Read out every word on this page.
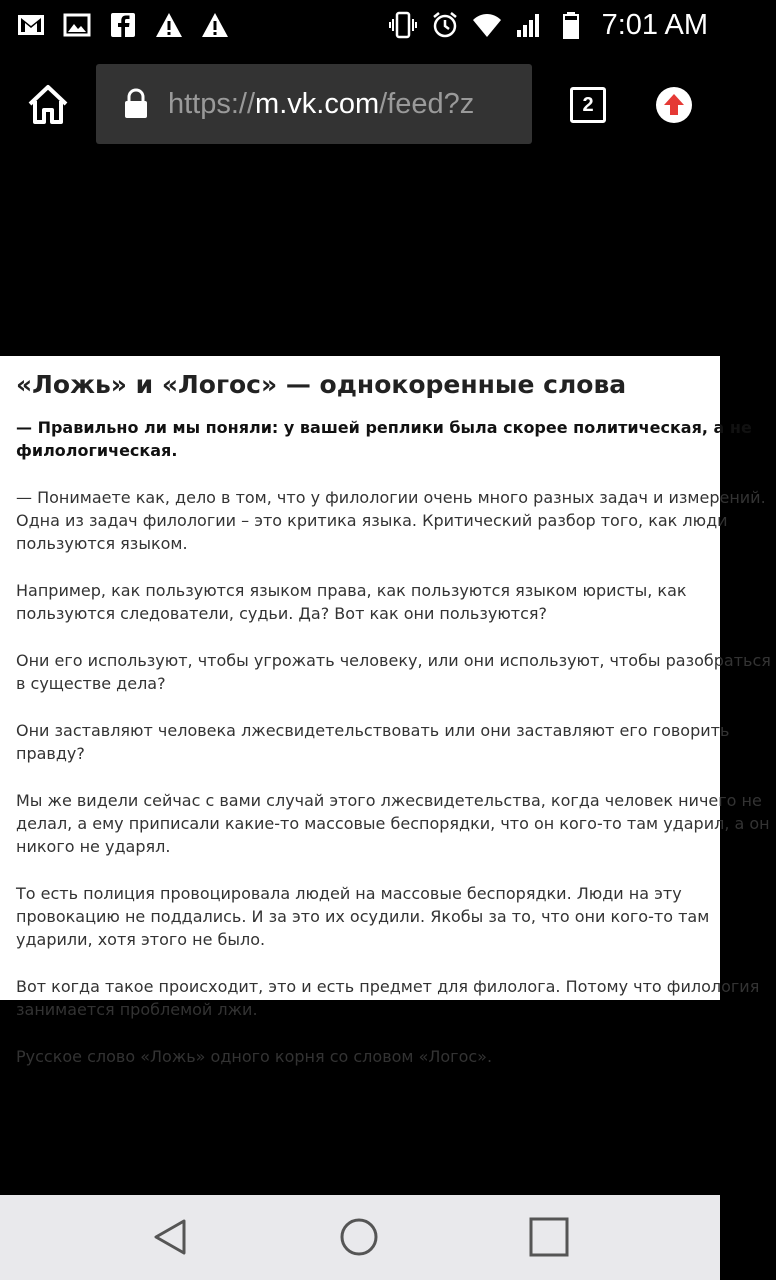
7:01 AM
https://m.vk.com/feed?z	2
«Ложь» и «Логос» — однокоренные слова

— Правильно ли мы поняли: у вашей реплики была скорее политическая, а не филологическая.

— Понимаете как, дело в том, что у филологии очень много разных задач и измерений. Одна из задач филологии – это критика языка. Критический разбор того, как люди пользуются языком.

Например, как пользуются языком права, как пользуются языком юристы, как пользуются следователи, судьи. Да? Вот как они пользуются?

Они его используют, чтобы угрожать человеку, или они используют, чтобы разобраться в существе дела?

Они заставляют человека лжесвидетельствовать или они заставляют его говорить правду?

Мы же видели сейчас с вами случай этого лжесвидетельства, когда человек ничего не делал, а ему приписали какие-то массовые беспорядки, что он кого-то там ударил, а он никого не ударял.

То есть полиция провоцировала людей на массовые беспорядки. Люди на эту провокацию не поддались. И за это их осудили. Якобы за то, что они кого-то там ударили, хотя этого не было.

Вот когда такое происходит, это и есть предмет для филолога. Потому что филология занимается проблемой лжи.

Русское слово «Ложь» одного корня со словом «Логос».
